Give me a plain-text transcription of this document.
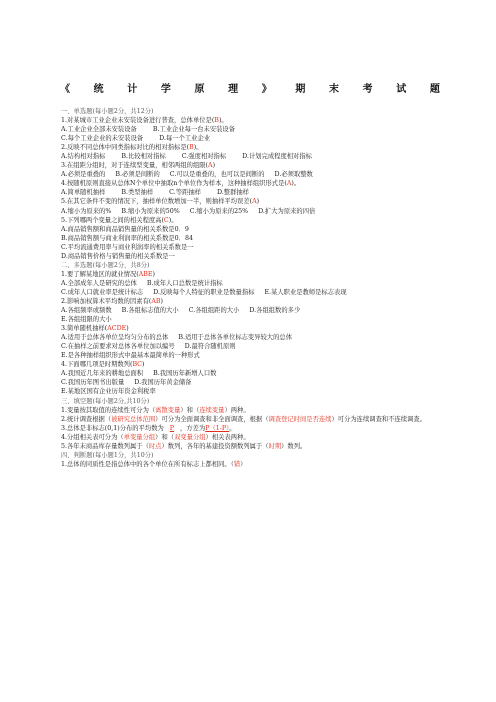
《 统 计 学 原 理 》 期 末 考 试 题
一、单选题(每小题2分，共12分)
1.对某城市工业企业未安装设备进行普查，总体单位是(B)。
A.工业企业全部未安装设备	B.工业企业每一台未安装设备
C.每个工业企业的未安装设备	D.每一个工业企业
2.反映不同总体中同类指标对比的相对指标是(B)。
A.结构相对指标	B.比较相对指标	C.强度相对指标	D.计划完成程度相对指标
3.在组距分组时，对于连续型变量，相邻两组的组限(A)
A.必须是重叠的 B.必须是间断的 C.可以是重叠的，也可以是间断的 D.必须取整数
4.按随机原则直接从总体N个单位中抽取n个单位作为样本，这种抽样组织形式是(A)。
A.简单随机抽样	B.类型抽样	C.等距抽样	D.整群抽样
5.在其它条件不变的情况下，抽样单位数增加一半，则抽样平均误差(A)
A.缩小为原来的% B.缩小为原来的50% C.缩小为原来的25% D.扩大为原来的四倍
5.下列哪两个变量之间的相关程度高(C)。
A.商品销售额和商品销售量的相关系数是0．9
B.商品销售额与商业利润率的相关系数是0．84
C.平均流通费用率与商业利润率的相关系数是一
D.商品销售价格与销售量的相关系数是一
二、多选题(每小题2分，共8分)
1.要了解某地区的就业情况(ABE)
A.全部成年人是研究的总体 B.成年人口总数是统计指标
C.成年人口就业率是统计标志 D.反映每个人特征的职业是数量指标 E.某人职业是教师是标志表现
2.影响加权算术平均数的因素有(AB)
A.各组频率或频数 B.各组标志值的大小 C.各组组距的大小 D.各组组数的多少
E.各组组限的大小
3.简单随机抽样(ACDE)
A.适用于总体各单位呈均匀分布的总体 B.适用于总体各单位标志变异较大的总体
C.在抽样之前要求对总体各单位加以编号 D.最符合随机原则
E.是各种抽样组织形式中最基本最简单的一种形式
4.下面哪几项是时期数列(BC)
A.我国近几年来的耕地总面积 B.我国历年新增人口数
C.我国历年图书出版量 D.我国历年黄金储备
E.某地区国有企业历年资金利税率
三、填空题(每小题2分,共10分)
1.变量按其取值的连续性可分为（离散变量）和（连续变量）两种。
2.统计调查根据（被研究总体范围）可分为全面调查和非全面调查，根据（调查登记时间是否连续）可分为连续调查和不连续调查。
3.总体是非标志(0,1)分布的平均数为 P ，方差为P（1-P）。
4.分组相关表可分为（单变量分组）和（双变量分组）相关表两种。
5.各年末商品库存量数列属于（时点）数列，各年的基建投资额数列属于（时期）数列。
四、判断题(每小题1分，共10分)
1.总体的同质性是指总体中的各个单位在所有标志上都相同。（错）
